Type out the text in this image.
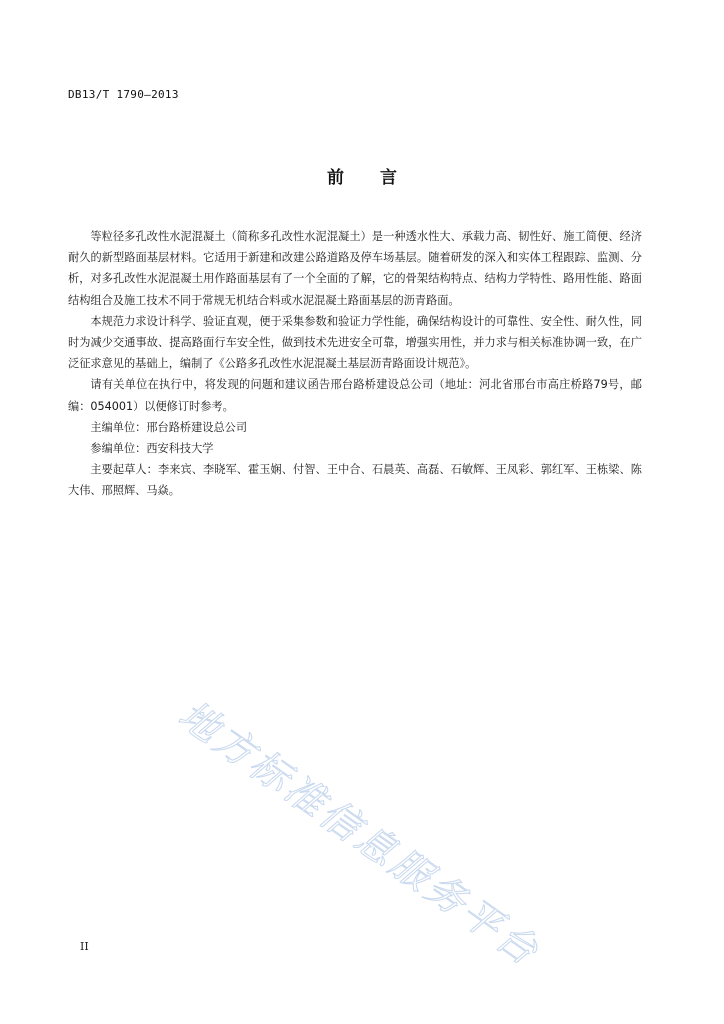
DB13/T 1790—2013
前 言

等粒径多孔改性水泥混凝土（简称多孔改性水泥混凝土）是一种透水性大、承载力高、韧性好、施工简便、经济耐久的新型路面基层材料。它适用于新建和改建公路道路及停车场基层。随着研发的深入和实体工程跟踪、监测、分析，对多孔改性水泥混凝土用作路面基层有了一个全面的了解，它的骨架结构特点、结构力学特性、路用性能、路面结构组合及施工技术不同于常规无机结合料或水泥混凝土路面基层的沥青路面。

本规范力求设计科学、验证直观，便于采集参数和验证力学性能，确保结构设计的可靠性、安全性、耐久性，同时为减少交通事故、提高路面行车安全性，做到技术先进安全可靠，增强实用性，并力求与相关标准协调一致，在广泛征求意见的基础上，编制了《公路多孔改性水泥混凝土基层沥青路面设计规范》。

请有关单位在执行中，将发现的问题和建议函告邢台路桥建设总公司（地址：河北省邢台市高庄桥路79号，邮编：054001）以便修订时参考。

主编单位：邢台路桥建设总公司

参编单位：西安科技大学

主要起草人：李来宾、李晓军、霍玉娴、付智、王中合、石晨英、高磊、石敏辉、王凤彩、郭红军、王栋梁、陈大伟、邢照辉、马焱。

地方标准信息服务平台
II
